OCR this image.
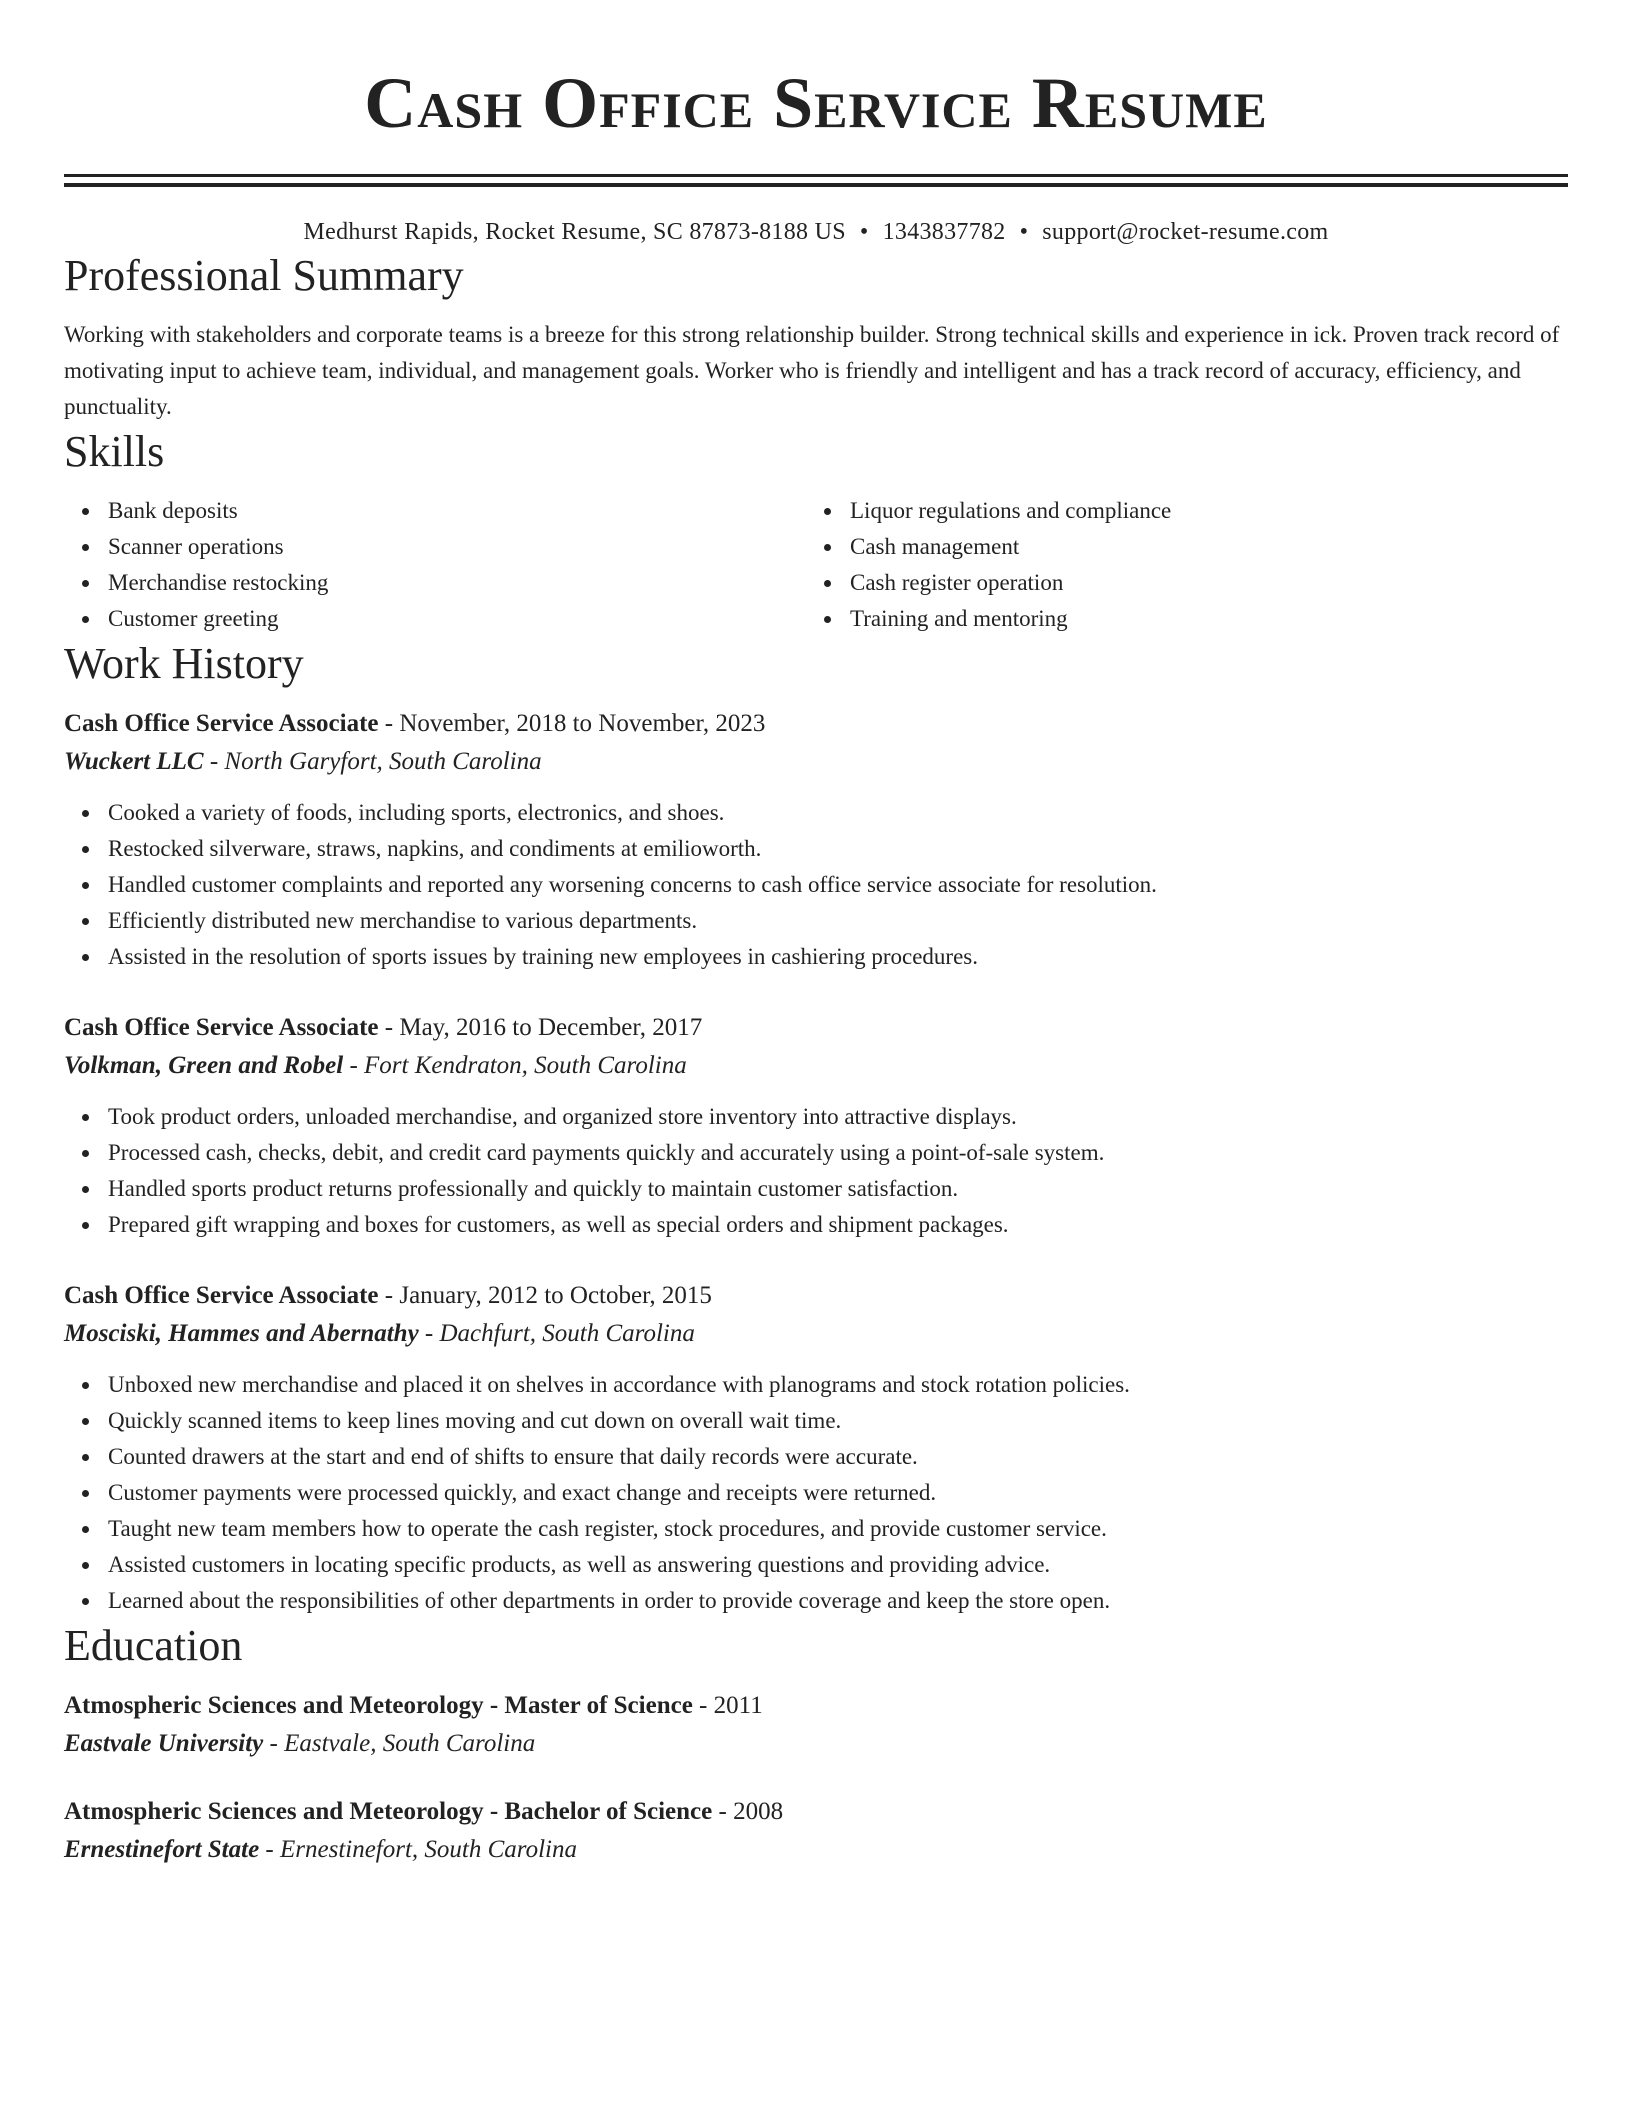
Cash Office Service Resume
Medhurst Rapids, Rocket Resume, SC 87873-8188 US • 1343837782 • support@rocket-resume.com
Professional Summary
Working with stakeholders and corporate teams is a breeze for this strong relationship builder. Strong technical skills and experience in ick. Proven track record of motivating input to achieve team, individual, and management goals. Worker who is friendly and intelligent and has a track record of accuracy, efficiency, and punctuality.
Skills
Bank deposits
Scanner operations
Merchandise restocking
Customer greeting
Liquor regulations and compliance
Cash management
Cash register operation
Training and mentoring
Work History
Cash Office Service Associate - November, 2018 to November, 2023
Wuckert LLC - North Garyfort, South Carolina
Cooked a variety of foods, including sports, electronics, and shoes.
Restocked silverware, straws, napkins, and condiments at emilioworth.
Handled customer complaints and reported any worsening concerns to cash office service associate for resolution.
Efficiently distributed new merchandise to various departments.
Assisted in the resolution of sports issues by training new employees in cashiering procedures.
Cash Office Service Associate - May, 2016 to December, 2017
Volkman, Green and Robel - Fort Kendraton, South Carolina
Took product orders, unloaded merchandise, and organized store inventory into attractive displays.
Processed cash, checks, debit, and credit card payments quickly and accurately using a point-of-sale system.
Handled sports product returns professionally and quickly to maintain customer satisfaction.
Prepared gift wrapping and boxes for customers, as well as special orders and shipment packages.
Cash Office Service Associate - January, 2012 to October, 2015
Mosciski, Hammes and Abernathy - Dachfurt, South Carolina
Unboxed new merchandise and placed it on shelves in accordance with planograms and stock rotation policies.
Quickly scanned items to keep lines moving and cut down on overall wait time.
Counted drawers at the start and end of shifts to ensure that daily records were accurate.
Customer payments were processed quickly, and exact change and receipts were returned.
Taught new team members how to operate the cash register, stock procedures, and provide customer service.
Assisted customers in locating specific products, as well as answering questions and providing advice.
Learned about the responsibilities of other departments in order to provide coverage and keep the store open.
Education
Atmospheric Sciences and Meteorology - Master of Science - 2011
Eastvale University - Eastvale, South Carolina
Atmospheric Sciences and Meteorology - Bachelor of Science - 2008
Ernestinefort State - Ernestinefort, South Carolina
